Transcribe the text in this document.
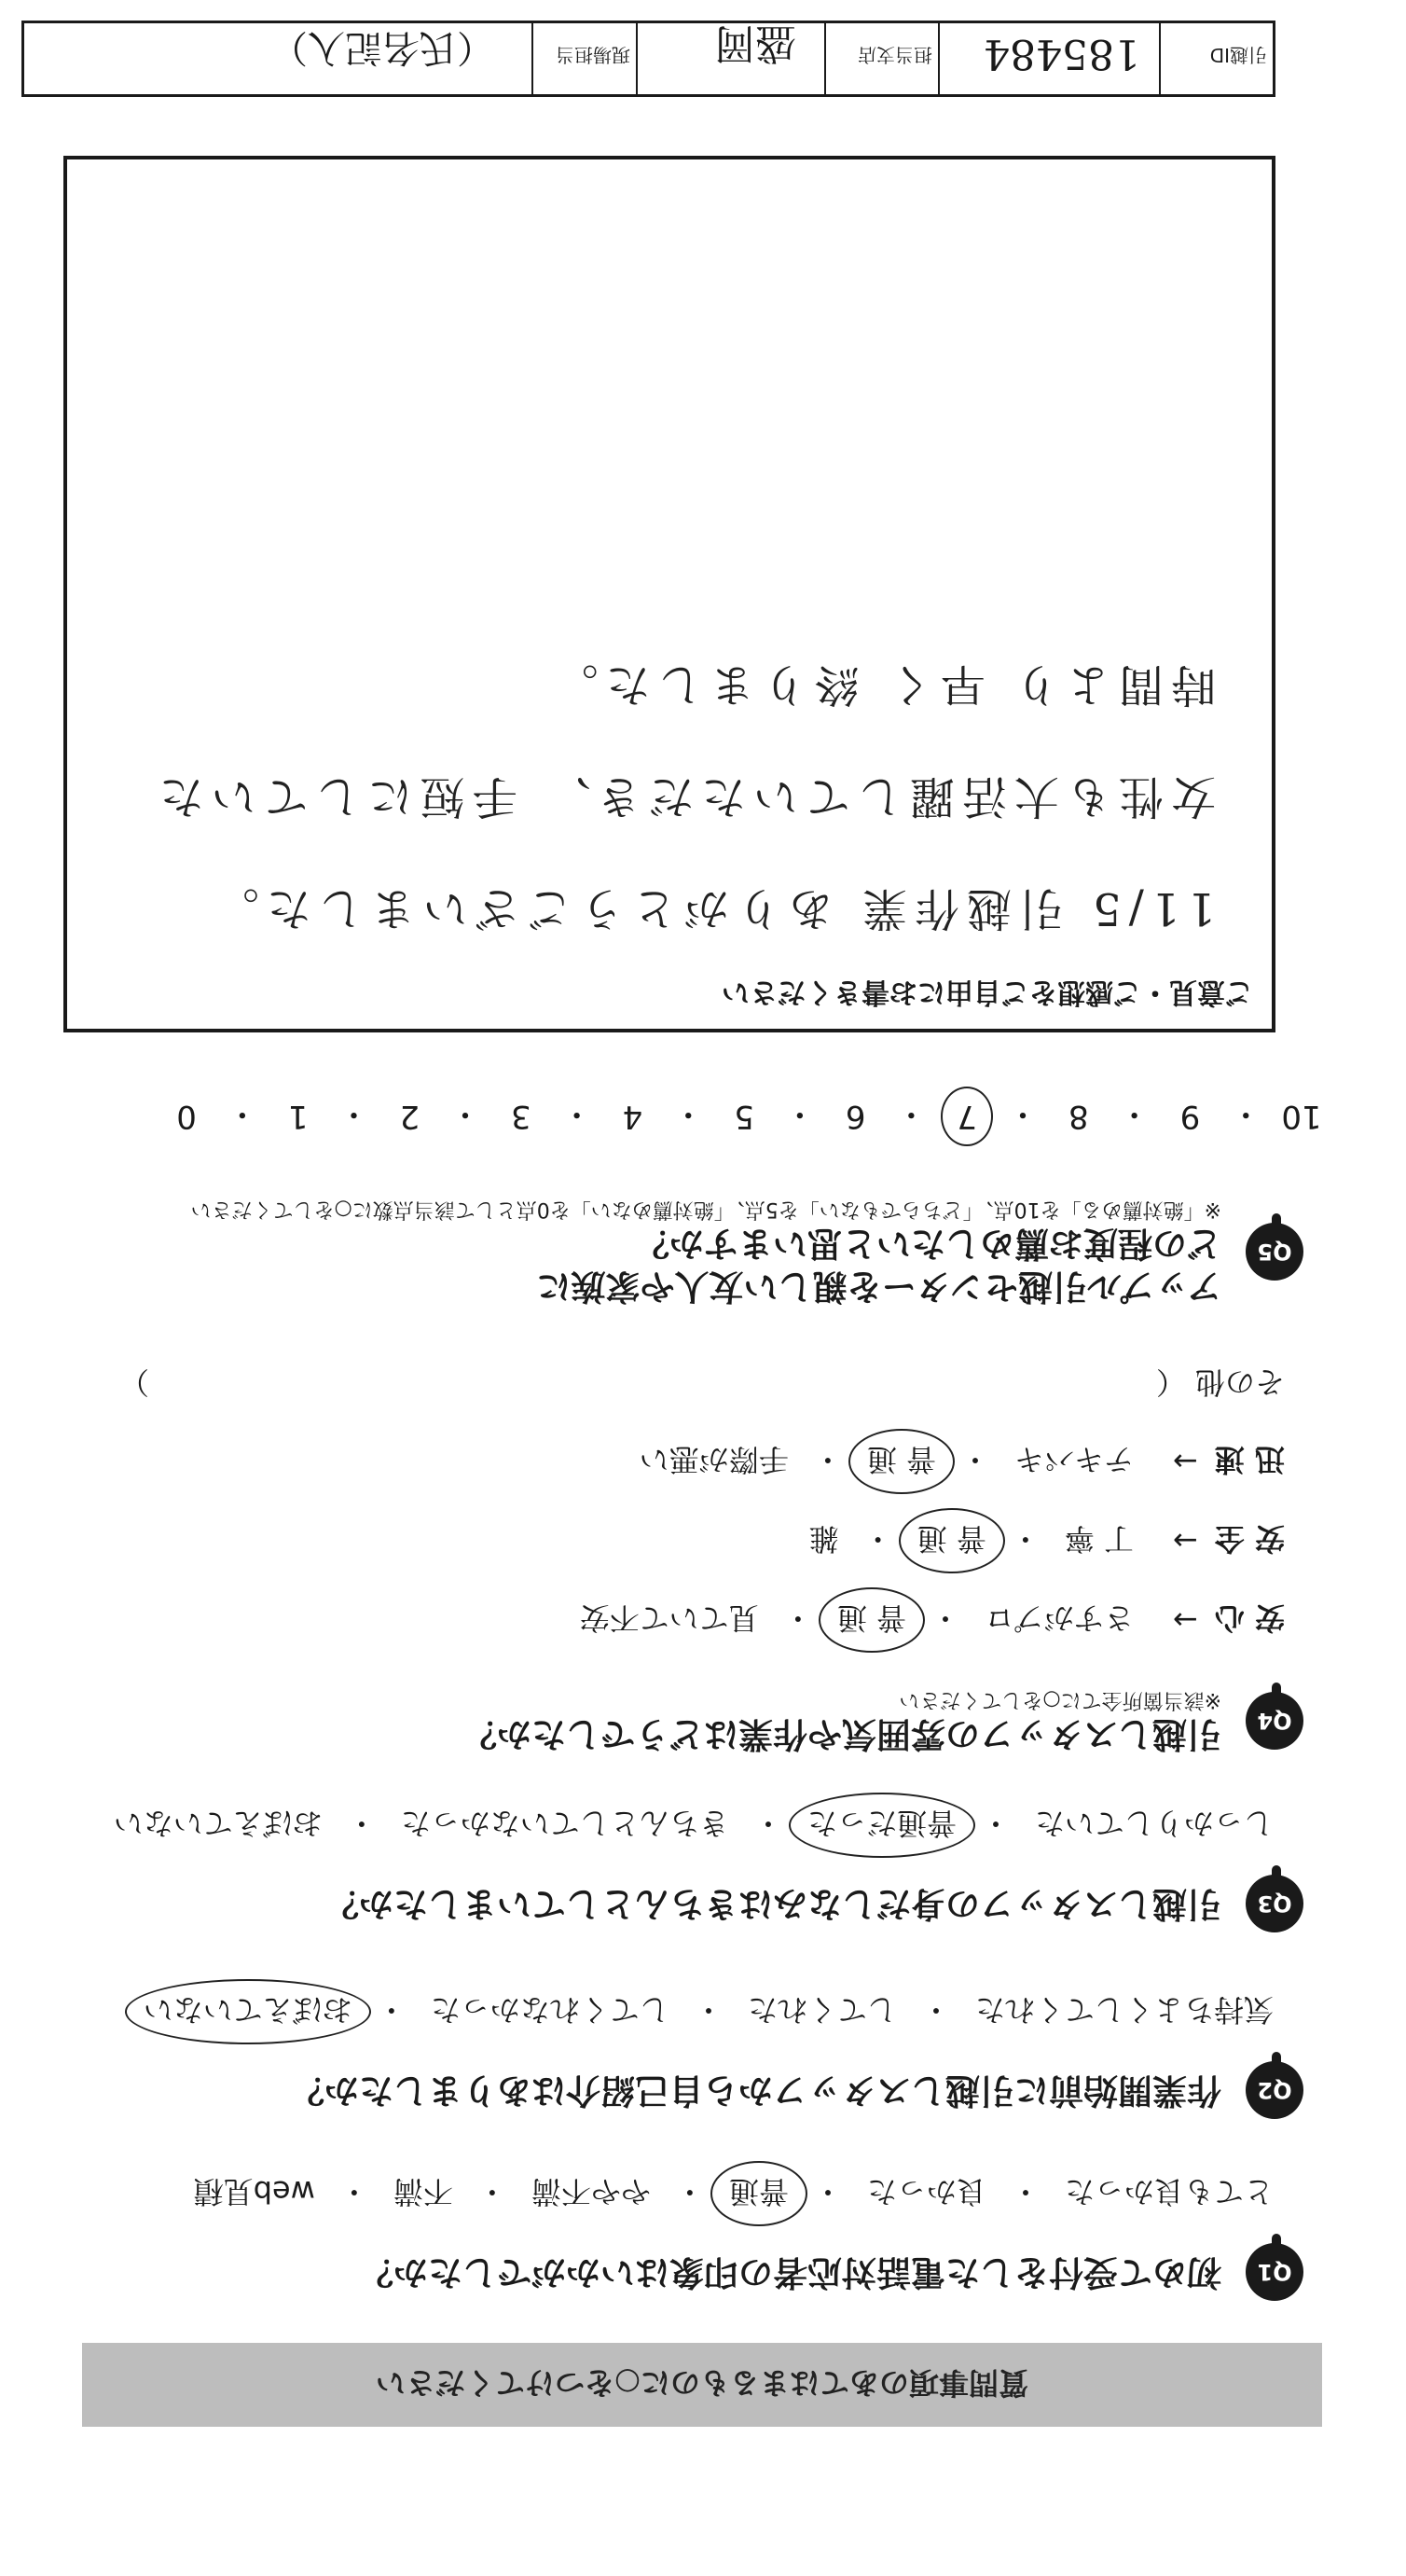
質問事項のあてはまるものに○をつけてください
Q1
初めて受付をした電話対応者の印象はいかがでしたか？
とても良かった
・
良かった
・
普通
・
やや不満
・
不満
・
web見積
Q2
作業開始前に引越しスタッフから自己紹介はありましたか？
気持ちよくしてくれた
・
してくれた
・
してくれなかった
・
おぼえていない
Q3
引越しスタッフの身だしなみはきちんとしていましたか？
しっかりしていた
・
普通だった
・
きちんとしていなかった
・
おぼえていない
Q4
引越しスタッフの雰囲気や作業はどうでしたか？
※該当箇所全てに○をしてください
安 心
→
さすがプロ
・
普 通
・
見ていて不安
安 全
→
丁 寧
・
普 通
・
雑
迅 速
→
テキパキ
・
普 通
・
手際が悪い
その他
（
）
Q5
アップル引越センターを親しい友人や家族に
どの程度お薦めしたいと思いますか？
※「絶対薦める」を10点、「どちらでもない」を5点、「絶対薦めない」を0点として該当点数に○をしてください
10
・
9
・
8
・
7
・
6
・
5
・
4
・
3
・
2
・
1
・
0
ご意見・ご感想をご自由にお書きください
11/5 引越作業 ありがとうございました。
女性も大活躍していただき、 手短にしていた
時間より 早く 終りました。
引越ID
185484
担当支店
盛岡
現場担当
（氏名記入）
